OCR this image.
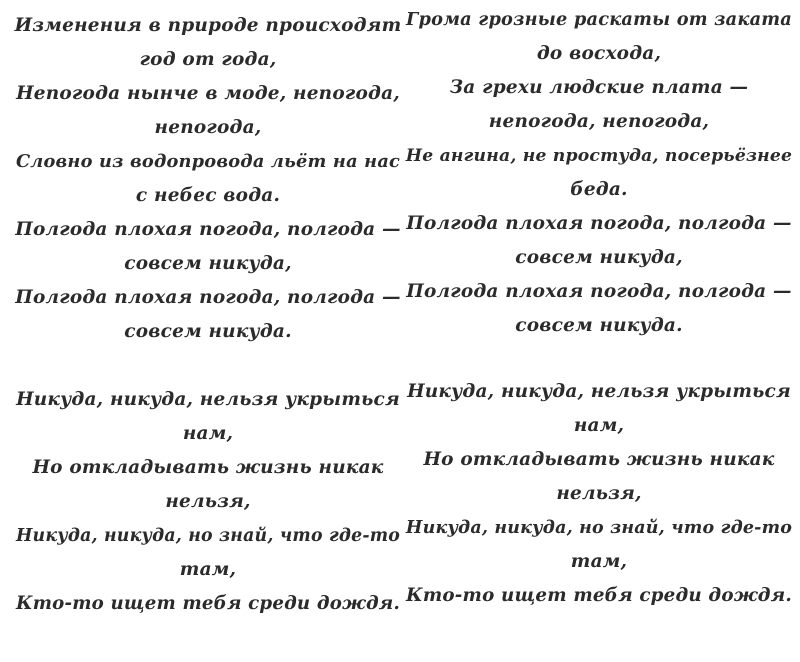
Изменения в природе происходят
год от года,
Непогода нынче в моде, непогода,
непогода,
Словно из водопровода льёт на нас
с небес вода.
Полгода плохая погода, полгода —
совсем никуда,
Полгода плохая погода, полгода —
совсем никуда.
Никуда, никуда, нельзя укрыться
нам,
Но откладывать жизнь никак
нельзя,
Никуда, никуда, но знай, что где-то
там,
Кто-то ищет тебя среди дождя.
Грома грозные раскаты от заката
до восхода,
За грехи людские плата —
непогода, непогода,
Не ангина, не простуда, посерьёзнее
беда.
Полгода плохая погода, полгода —
совсем никуда,
Полгода плохая погода, полгода —
совсем никуда.
Никуда, никуда, нельзя укрыться
нам,
Но откладывать жизнь никак
нельзя,
Никуда, никуда, но знай, что где-то
там,
Кто-то ищет тебя среди дождя.
